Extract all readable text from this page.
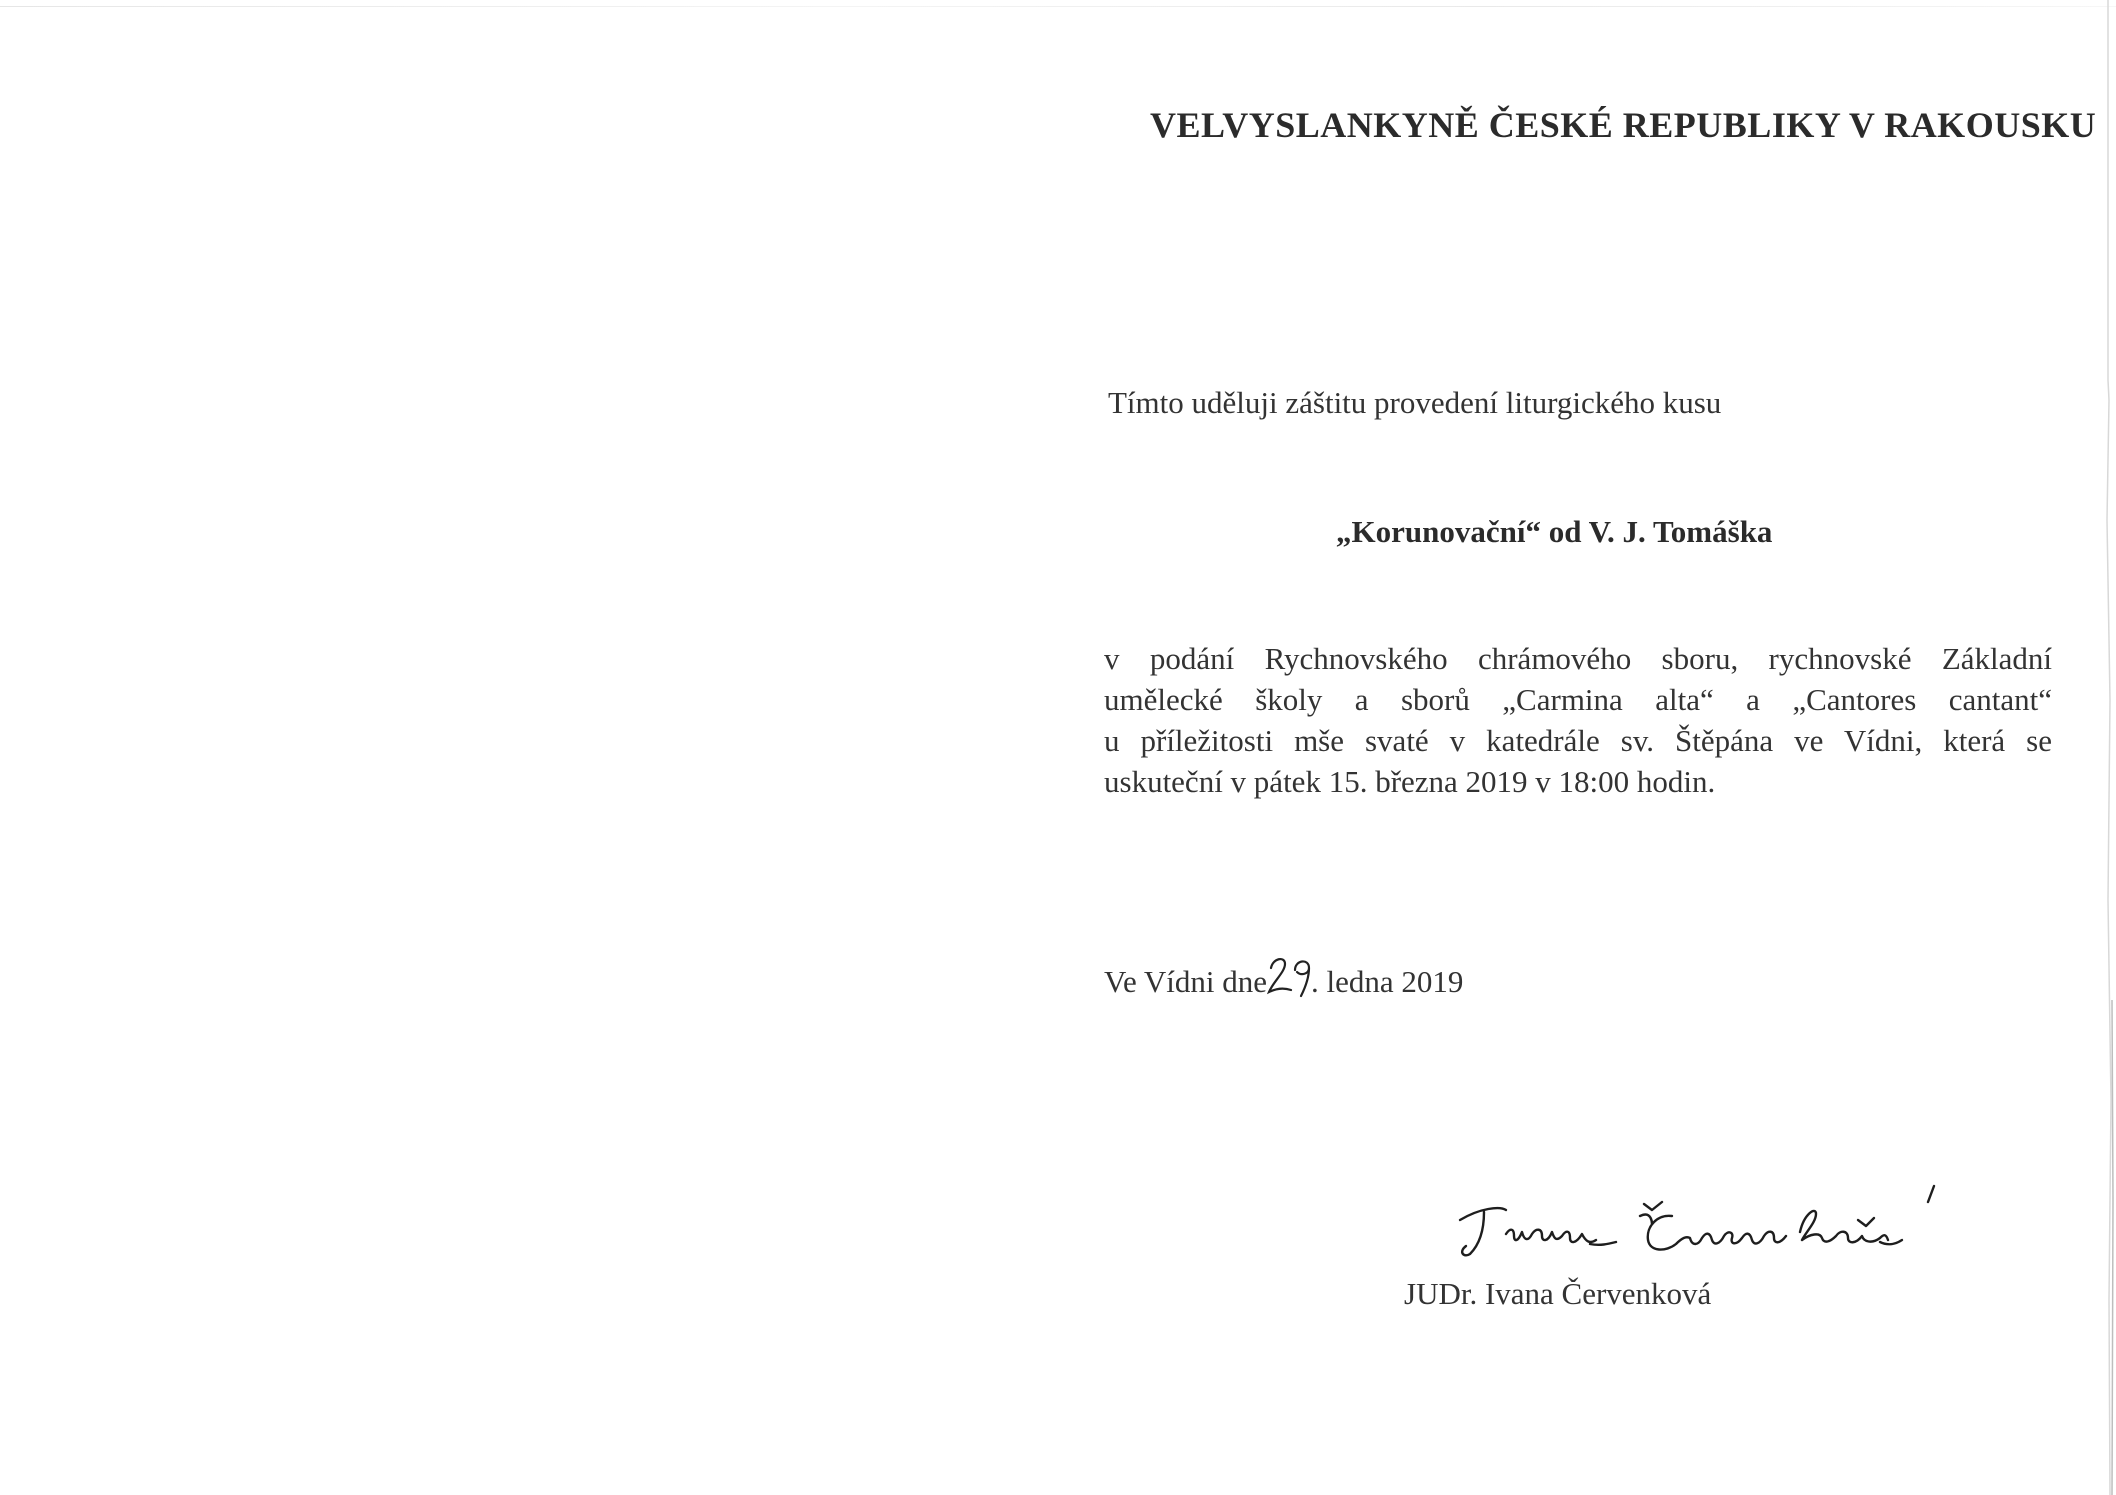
VELVYSLANKYNĚ ČESKÉ REPUBLIKY V RAKOUSKU
Tímto uděluji záštitu provedení liturgického kusu
„Korunovační“ od V. J. Tomáška
v podání Rychnovského chrámového sboru, rychnovské Základní
umělecké školy a sborů „Carmina alta“ a „Cantores cantant“
u příležitosti mše svaté v katedrále sv. Štěpána ve Vídni, která se
uskuteční v pátek 15. března 2019 v 18:00 hodin.
Ve Vídni dne . ledna 2019
JUDr. Ivana Červenková
